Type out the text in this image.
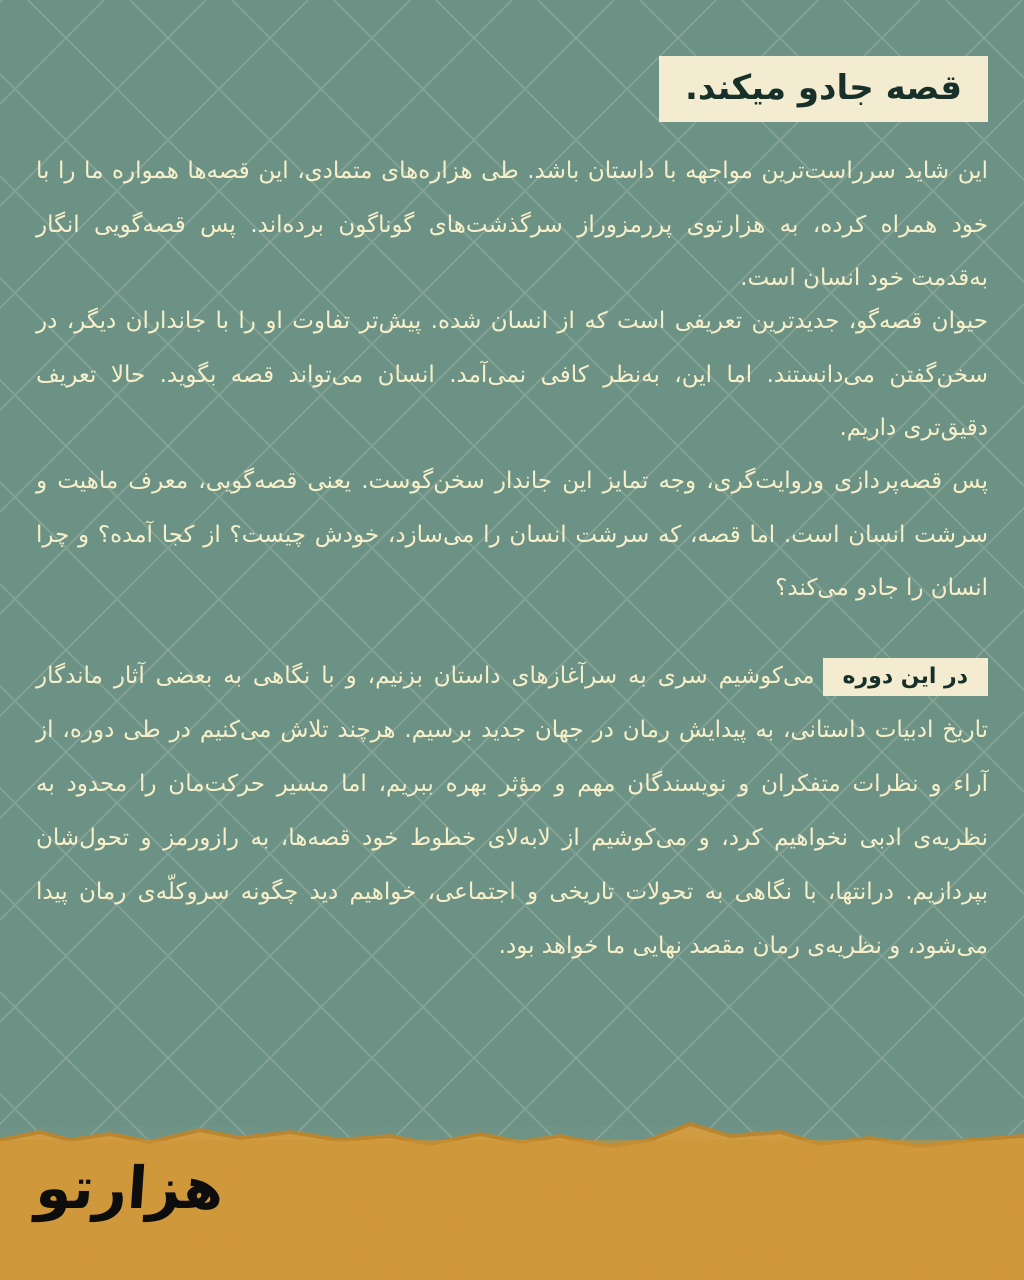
قصه جادو میکند.
این شاید سرراست‌ترین مواجهه با داستان باشد. طی هزاره‌های متمادی، این قصه‌ها همواره ما را با خود همراه کرده، به هزارتوی پررمزوراز سرگذشت‌های گوناگون برده‌اند. پس قصه‌گویی انگار به‌قدمت خود انسان است.
حیوان قصه‌گو، جدیدترین تعریفی است که از انسان شده. پیش‌تر تفاوت او را با جانداران دیگر، در سخن‌گفتن می‌دانستند. اما این، به‌نظر کافی نمی‌آمد. انسان می‌تواند قصه بگوید. حالا تعریف دقیق‌تری داریم.
پس قصه‌پردازی وروایت‌گری، وجه تمایز این جاندار سخن‌گوست. یعنی قصه‌گویی، معرف ماهیت و سرشت انسان است. اما قصه، که سرشت انسان را می‌سازد، خودش چیست؟ از کجا آمده؟ و چرا انسان را جادو می‌کند؟
در این دورهمی‌کوشیم سری به سرآغازهای داستان بزنیم، و با نگاهی به بعضی آثار ماندگار تاریخ ادبیات داستانی، به پیدایش رمان در جهان جدید برسیم. هرچند تلاش می‌کنیم در طی دوره، از آراء و نظرات متفکران و نویسندگان مهم و مؤثر بهره ببریم، اما مسیر حرکت‌مان را محدود به نظریه‌ی ادبی نخواهیم کرد، و می‌کوشیم از لابه‌لای خطوط خود قصه‌ها، به رازورمز و تحول‌شان بپردازیم. درانتها، با نگاهی به تحولات تاریخی و اجتماعی، خواهیم دید چگونه سروکلّه‌ی رمان پیدا می‌شود، و نظریه‌ی رمان مقصد نهایی ما خواهد بود.
هزارتو
